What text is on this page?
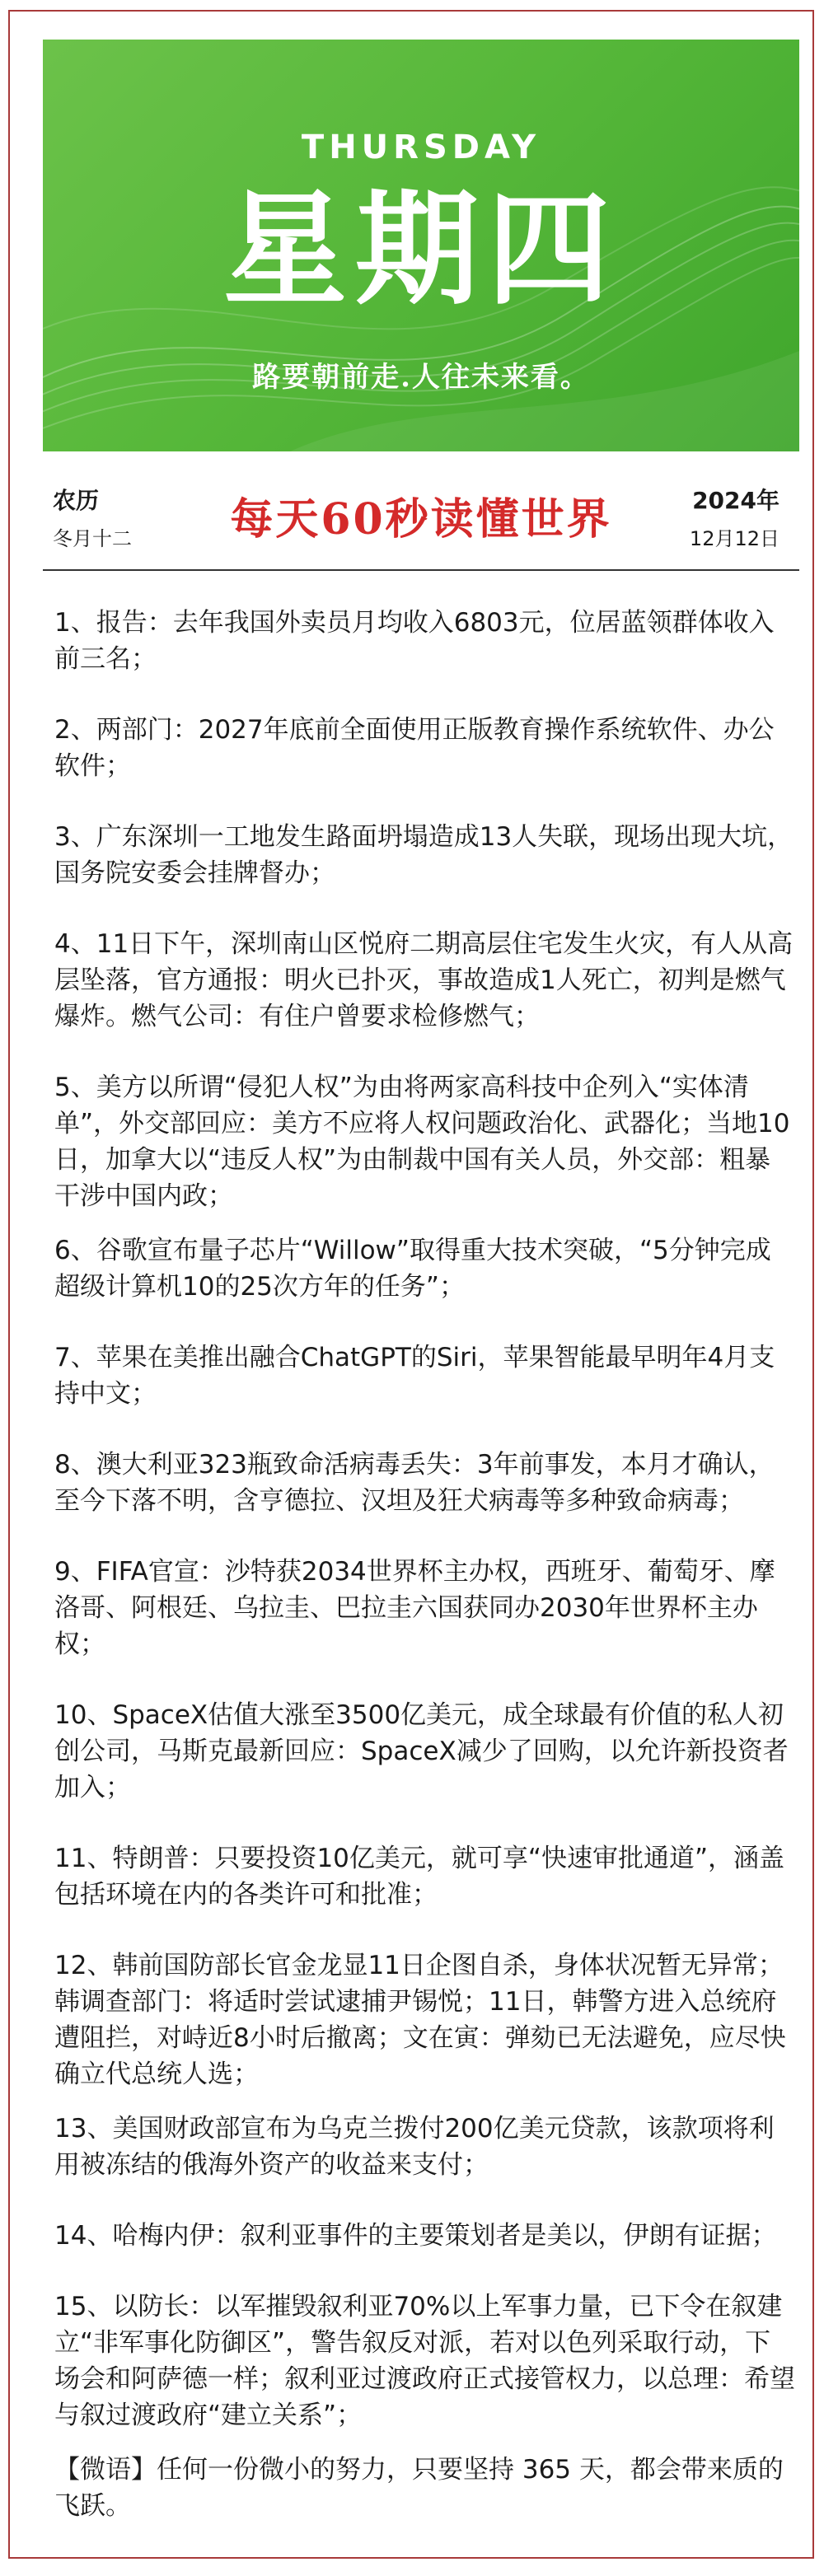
THURSDAY
星期四
路要朝前走.人往未来看。
农历
冬月十二	每天60秒读懂世界	2024年
12月12日
1、报告：去年我国外卖员月均收入6803元，位居蓝领群体收入前三名；
2、两部门：2027年底前全面使用正版教育操作系统软件、办公软件；
3、广东深圳一工地发生路面坍塌造成13人失联，现场出现大坑，国务院安委会挂牌督办；
4、11日下午，深圳南山区悦府二期高层住宅发生火灾，有人从高层坠落，官方通报：明火已扑灭，事故造成1人死亡，初判是燃气爆炸。燃气公司：有住户曾要求检修燃气；
5、美方以所谓“侵犯人权”为由将两家高科技中企列入“实体清单”，外交部回应：美方不应将人权问题政治化、武器化；当地10日，加拿大以“违反人权”为由制裁中国有关人员，外交部：粗暴干涉中国内政；
6、谷歌宣布量子芯片“Willow”取得重大技术突破，“5分钟完成超级计算机10的25次方年的任务”；
7、苹果在美推出融合ChatGPT的Siri，苹果智能最早明年4月支持中文；
8、澳大利亚323瓶致命活病毒丢失：3年前事发，本月才确认，至今下落不明，含亨德拉、汉坦及狂犬病毒等多种致命病毒；
9、FIFA官宣：沙特获2034世界杯主办权，西班牙、葡萄牙、摩洛哥、阿根廷、乌拉圭、巴拉圭六国获同办2030年世界杯主办权；
10、SpaceX估值大涨至3500亿美元，成全球最有价值的私人初创公司，马斯克最新回应：SpaceX减少了回购，以允许新投资者加入；
11、特朗普：只要投资10亿美元，就可享“快速审批通道”，涵盖包括环境在内的各类许可和批准；
12、韩前国防部长官金龙显11日企图自杀，身体状况暂无异常；韩调查部门：将适时尝试逮捕尹锡悦；11日，韩警方进入总统府遭阻拦，对峙近8小时后撤离；文在寅：弹劾已无法避免，应尽快确立代总统人选；
13、美国财政部宣布为乌克兰拨付200亿美元贷款，该款项将利用被冻结的俄海外资产的收益来支付；
14、哈梅内伊：叙利亚事件的主要策划者是美以，伊朗有证据；
15、以防长：以军摧毁叙利亚70%以上军事力量，已下令在叙建立“非军事化防御区”，警告叙反对派，若对以色列采取行动，下场会和阿萨德一样；叙利亚过渡政府正式接管权力，以总理：希望与叙过渡政府“建立关系”；
【微语】任何一份微小的努力，只要坚持 365 天，都会带来质的飞跃。
